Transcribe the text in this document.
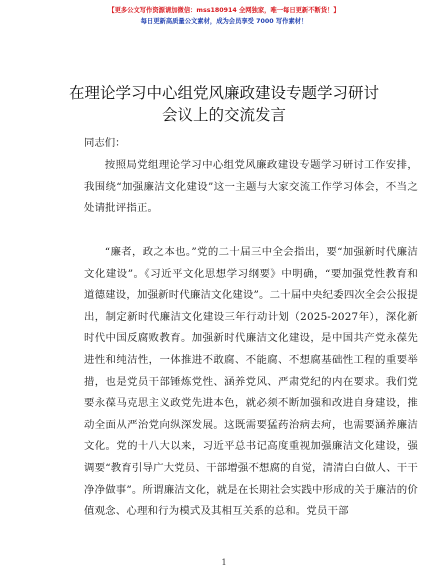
【更多公文写作资源请加微信：mss180914 全网独家，唯一每日更新不断货！】
每日更新高质量公文素材，成为会员享受 7000 写作素材！
在理论学习中心组党风廉政建设专题学习研讨
会议上的交流发言
同志们：

按照局党组理论学习中心组党风廉政建设专题学习研讨工作安排，我围绕“加强廉洁文化建设”这一主题与大家交流工作学习体会，不当之处请批评指正。

“廉者，政之本也。”党的二十届三中全会指出，要“加强新时代廉洁文化建设”。《习近平文化思想学习纲要》中明确，“要加强党性教育和道德建设，加强新时代廉洁文化建设”。二十届中央纪委四次全会公报提出，制定新时代廉洁文化建设三年行动计划（2025-2027年），深化新时代中国反腐败教育。加强新时代廉洁文化建设，是中国共产党永葆先进性和纯洁性，一体推进不敢腐、不能腐、不想腐基础性工程的重要举措，也是党员干部锤炼党性、涵养党风、严肃党纪的内在要求。我们党要永葆马克思主义政党先进本色，就必须不断加强和改进自身建设，推动全面从严治党向纵深发展。这既需要猛药治病去疴，也需要涵养廉洁文化。党的十八大以来，习近平总书记高度重视加强廉洁文化建设，强调要“教育引导广大党员、干部增强不想腐的自觉，清清白白做人、干干净净做事”。所谓廉洁文化，就是在长期社会实践中形成的关于廉洁的价值观念、心理和行为模式及其相互关系的总和。党员干部

1
